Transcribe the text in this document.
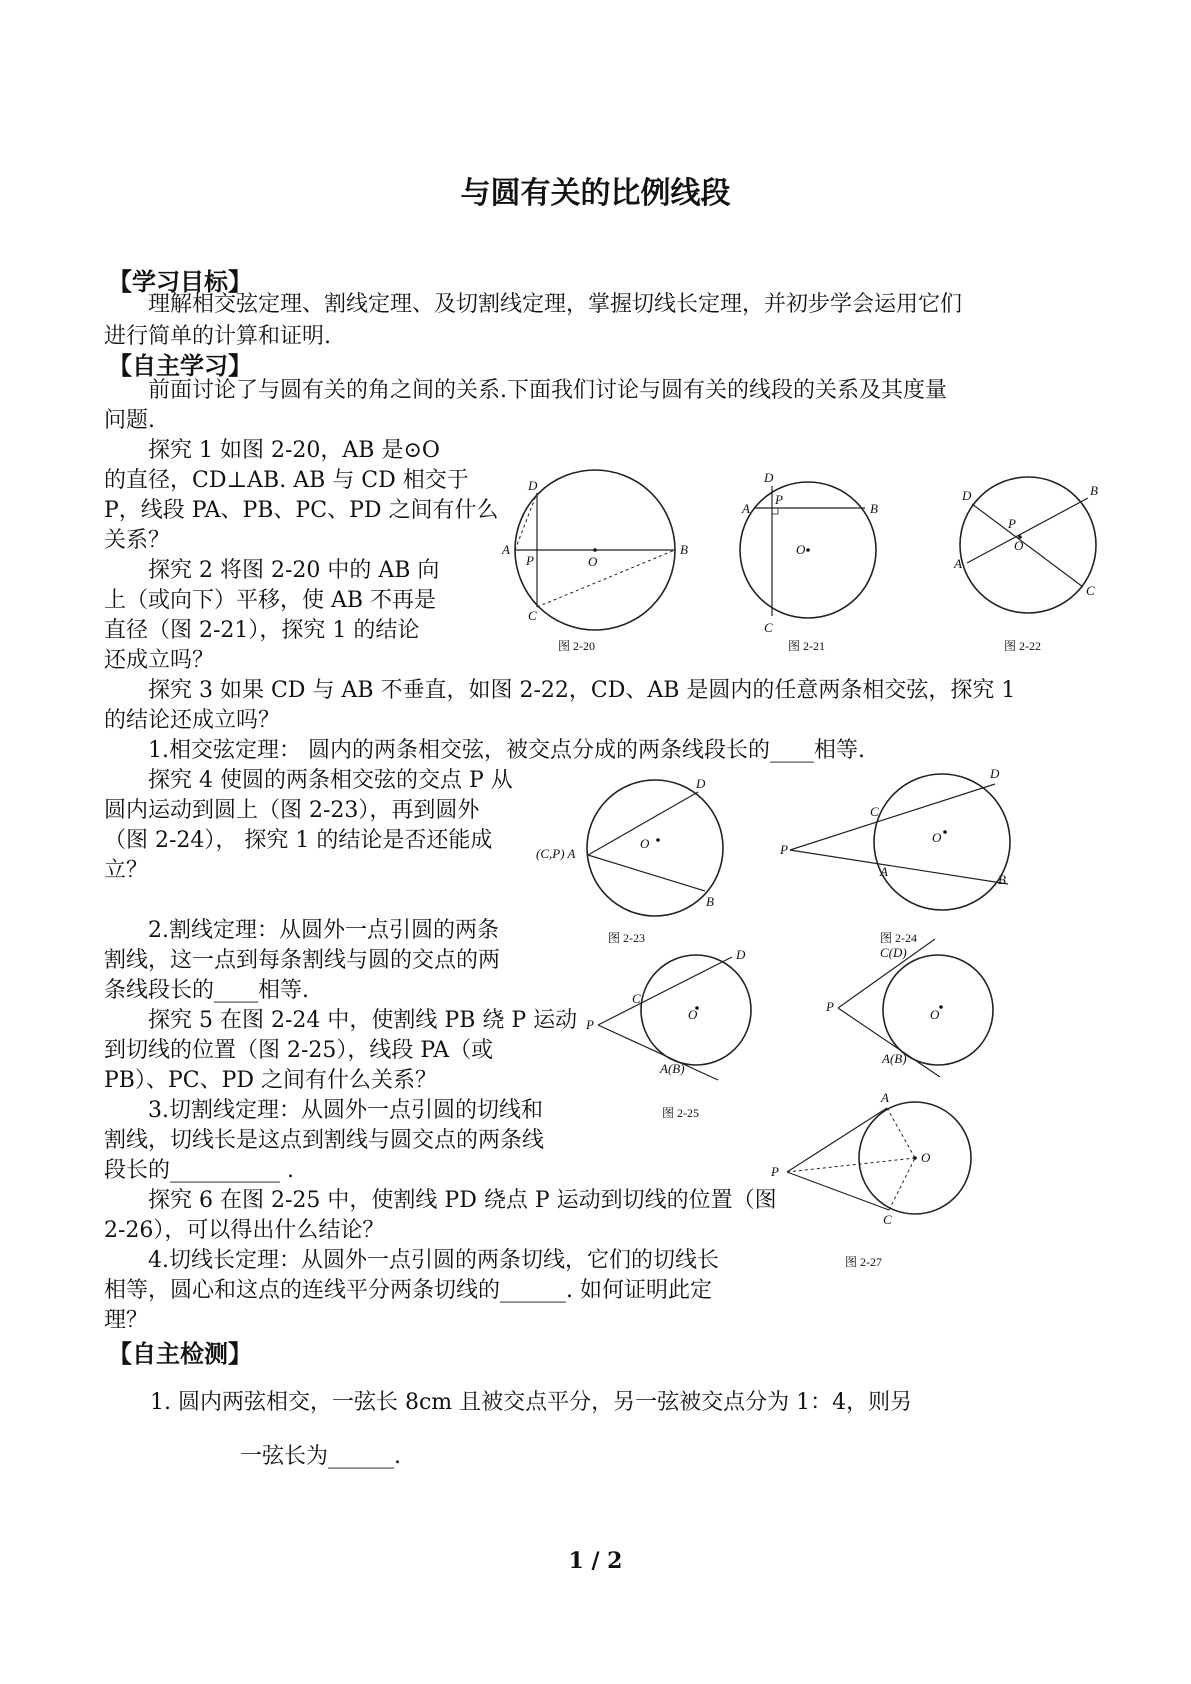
与圆有关的比例线段
【学习目标】
理解相交弦定理、割线定理、及切割线定理，掌握切线长定理，并初步学会运用它们
进行简单的计算和证明.
【自主学习】
前面讨论了与圆有关的角之间的关系.下面我们讨论与圆有关的线段的关系及其度量
问题.
探究 1 如图 2-20，AB 是⊙O
的直径，CD⊥AB. AB 与 CD 相交于
P，线段 PA、PB、PC、PD 之间有什么
关系？
探究 2 将图 2-20 中的 AB 向
上（或向下）平移，使 AB 不再是
直径（图 2-21），探究 1 的结论
还成立吗？
探究 3 如果 CD 与 AB 不垂直，如图 2-22，CD、AB 是圆内的任意两条相交弦，探究 1
的结论还成立吗？
1.相交弦定理： 圆内的两条相交弦，被交点分成的两条线段长的____相等.
探究 4 使圆的两条相交弦的交点 P 从
圆内运动到圆上（图 2-23），再到圆外
（图 2-24）， 探究 1 的结论是否还能成
立？
2.割线定理：从圆外一点引圆的两条
割线，这一点到每条割线与圆的交点的两
条线段长的____相等.
探究 5 在图 2-24 中，使割线 PB 绕 P 运动
到切线的位置（图 2-25），线段 PA（或
PB）、PC、PD 之间有什么关系？
3.切割线定理：从圆外一点引圆的切线和
割线，切线长是这点到割线与圆交点的两条线
段长的__________ .
探究 6 在图 2-25 中，使割线 PD 绕点 P 运动到切线的位置（图
2-26），可以得出什么结论？
4.切线长定理：从圆外一点引圆的两条切线，它们的切线长
相等，圆心和这点的连线平分两条切线的______. 如何证明此定
理？
【自主检测】
1. 圆内两弦相交，一弦长 8cm 且被交点平分，另一弦被交点分为 1：4，则另
一弦长为______.
1 / 2
D
A
P	O
B
C
图 2-20
D
A
P
B
O
C
图 2-21
D	B
P
O
A
C
图 2-22
D
(C,P) A
O
B
图 2-23
D
C
O
P
A
B
图 2-24
D
C
O
P
A(B)
图 2-25
C(D)
P
O
A(B)
A
P
O
C
图 2-27
